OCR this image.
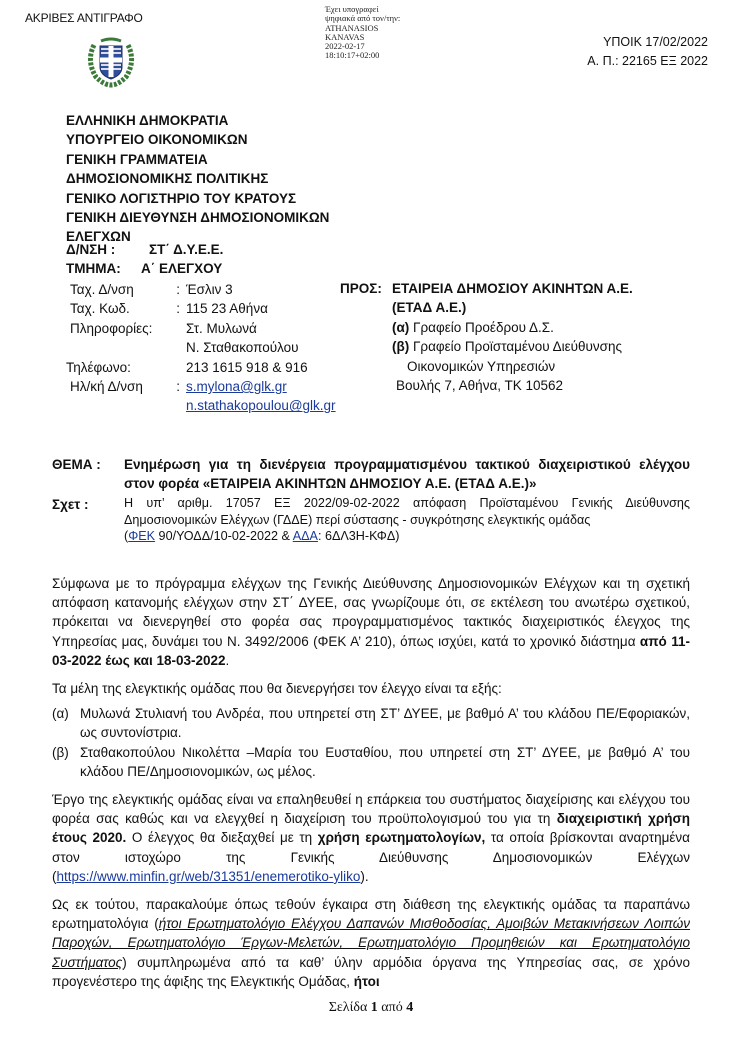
ΑΚΡΙΒΕΣ ΑΝΤΙΓΡΑΦΟ
Έχει υπογραφεί
ψηφιακά από τον/την:
ATHANASIOS
KANAVAS
2022-02-17
18:10:17+02:00
ΥΠΟΙΚ 17/02/2022
Α. Π.: 22165 ΕΞ 2022
ΕΛΛΗΝΙΚΗ ΔΗΜΟΚΡΑΤΙΑ
ΥΠΟΥΡΓΕΙΟ ΟΙΚΟΝΟΜΙΚΩΝ
ΓΕΝΙΚΗ ΓΡΑΜΜΑΤΕΙΑ
ΔΗΜΟΣΙΟΝΟΜΙΚΗΣ ΠΟΛΙΤΙΚΗΣ
ΓΕΝΙΚΟ ΛΟΓΙΣΤΗΡΙΟ ΤΟΥ ΚΡΑΤΟΥΣ
ΓΕΝΙΚΗ ΔΙΕΥΘΥΝΣΗ ΔΗΜΟΣΙΟΝΟΜΙΚΩΝ
ΕΛΕΓΧΩΝ
Δ/ΝΣΗ :	ΣΤ΄ Δ.Υ.Ε.Ε.
ΤΜΗΜΑ:	Α΄ ΕΛΕΓΧΟΥ
Ταχ. Δ/νση	: Έσλιν 3
Ταχ. Κωδ.	: 115 23 Αθήνα
Πληροφορίες:	Στ. Μυλωνά
Ν. Σταθακοπούλου
Τηλέφωνο:	213 1615 918 & 916
Ηλ/κή Δ/νση : s.mylona@glk.gr
n.stathakopoulou@glk.gr
ΠΡΟΣ: ΕΤΑΙΡΕΙΑ ΔΗΜΟΣΙΟΥ ΑΚΙΝΗΤΩΝ Α.Ε.
(ΕΤΑΔ Α.Ε.)
(α) Γραφείο Προέδρου Δ.Σ.
(β) Γραφείο Προϊσταμένου Διεύθυνσης
Οικονομικών Υπηρεσιών
Βουλής 7, Αθήνα, ΤΚ 10562
ΘΕΜΑ :	Ενημέρωση για τη διενέργεια προγραμματισμένου τακτικού διαχειριστικού ελέγχου στον φορέα «ΕΤΑΙΡΕΙΑ ΑΚΙΝΗΤΩΝ ΔΗΜΟΣΙΟΥ Α.Ε. (ΕΤΑΔ Α.Ε.)»
Σχετ :	Η υπ’ αριθμ. 17057 ΕΞ 2022/09-02-2022 απόφαση Προϊσταμένου Γενικής Διεύθυνσης Δημοσιονομικών Ελέγχων (ΓΔΔΕ) περί σύστασης - συγκρότησης ελεγκτικής ομάδας
(ΦΕΚ 90/ΥΟΔΔ/10-02-2022 & ΑΔΑ: 6ΔΛ3Η-ΚΦΔ)

Σύμφωνα με το πρόγραμμα ελέγχων της Γενικής Διεύθυνσης Δημοσιονομικών Ελέγχων και τη σχετική απόφαση κατανομής ελέγχων στην ΣΤ΄ ΔΥΕΕ, σας γνωρίζουμε ότι, σε εκτέλεση του ανωτέρω σχετικού, πρόκειται να διενεργηθεί στο φορέα σας προγραμματισμένος τακτικός διαχειριστικός έλεγχος της Υπηρεσίας μας, δυνάμει του Ν. 3492/2006 (ΦΕΚ Α’ 210), όπως ισχύει, κατά το χρονικό διάστημα από 11-03-2022 έως και 18-03-2022.

Τα μέλη της ελεγκτικής ομάδας που θα διενεργήσει τον έλεγχο είναι τα εξής:

(α) Μυλωνά Στυλιανή του Ανδρέα, που υπηρετεί στη ΣΤ’ ΔΥΕΕ, με βαθμό Α’ του κλάδου ΠΕ/Εφοριακών, ως συντονίστρια.
(β) Σταθακοπούλου Νικολέττα –Μαρία του Ευσταθίου, που υπηρετεί στη ΣΤ’ ΔΥΕΕ, με βαθμό Α’ του κλάδου ΠΕ/Δημοσιονομικών, ως μέλος.

Έργο της ελεγκτικής ομάδας είναι να επαληθευθεί η επάρκεια του συστήματος διαχείρισης και ελέγχου του φορέα σας καθώς και να ελεγχθεί η διαχείριση του προϋπολογισμού του για τη διαχειριστική χρήση έτους 2020. Ο έλεγχος θα διεξαχθεί με τη χρήση ερωτηματολογίων, τα οποία βρίσκονται αναρτημένα στον ιστοχώρο της Γενικής Διεύθυνσης Δημοσιονομικών Ελέγχων (https://www.minfin.gr/web/31351/enemerotiko-yliko).

Ως εκ τούτου, παρακαλούμε όπως τεθούν έγκαιρα στη διάθεση της ελεγκτικής ομάδας τα παραπάνω ερωτηματολόγια (ήτοι Ερωτηματολόγιο Ελέγχου Δαπανών Μισθοδοσίας, Αμοιβών Μετακινήσεων Λοιπών Παροχών, Ερωτηματολόγιο Έργων-Μελετών, Ερωτηματολόγιο Προμηθειών και Ερωτηματολόγιο Συστήματος) συμπληρωμένα από τα καθ’ ύλην αρμόδια όργανα της Υπηρεσίας σας, σε χρόνο προγενέστερο της άφιξης της Ελεγκτικής Ομάδας, ήτοι

Σελίδα 1 από 4
